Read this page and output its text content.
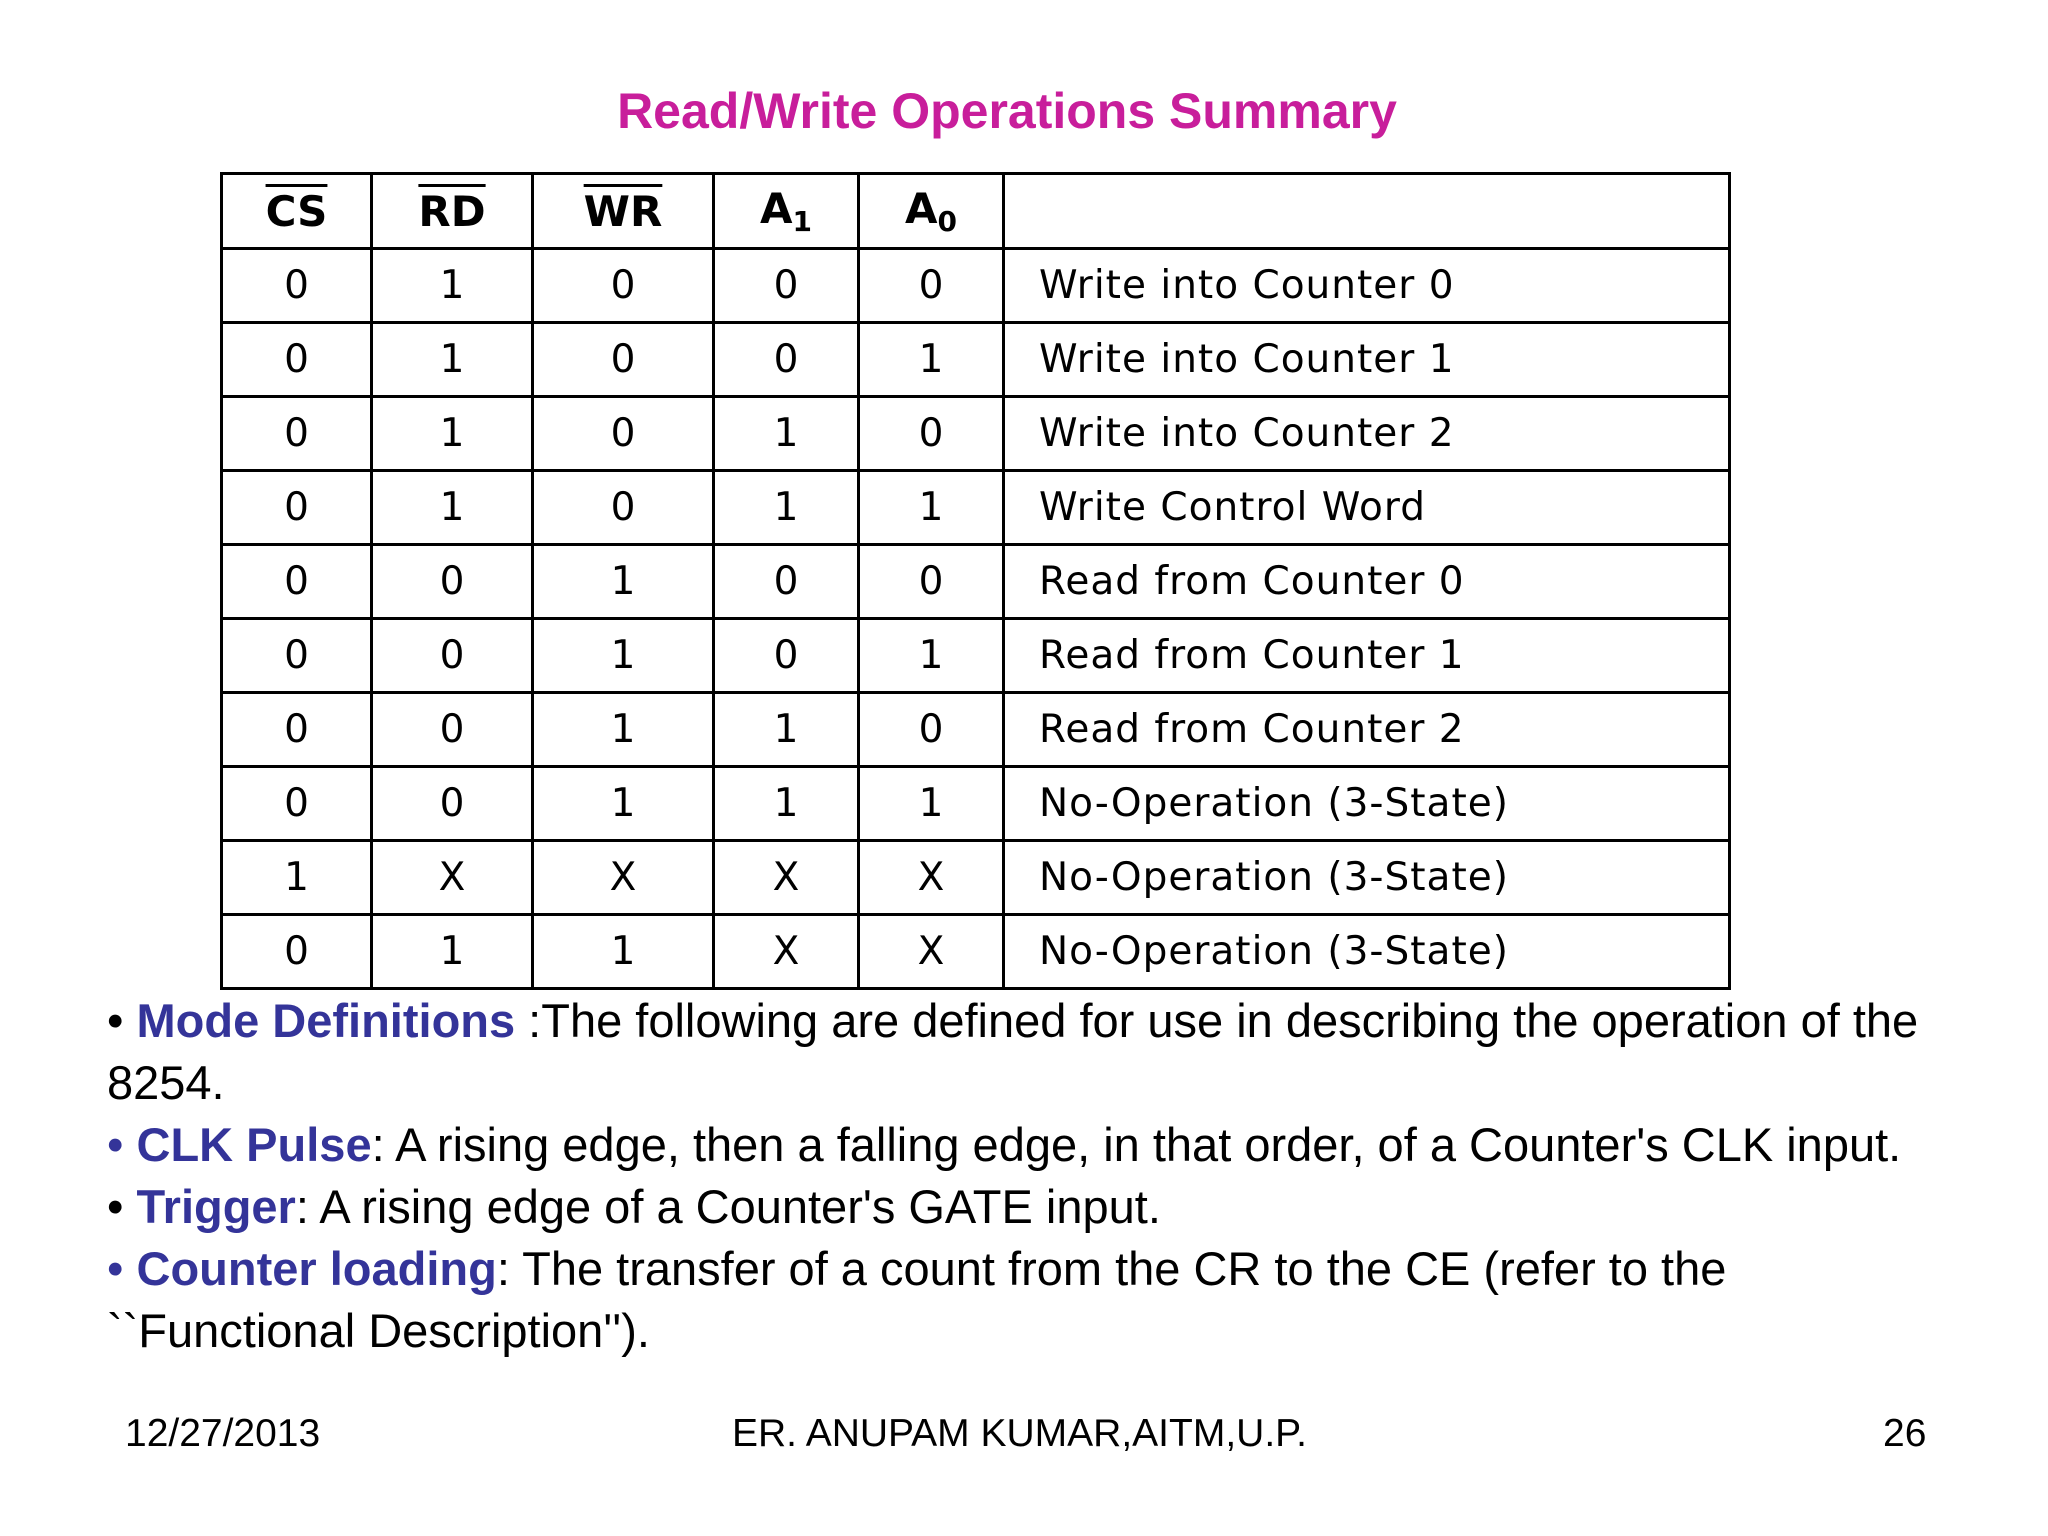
Read/Write Operations Summary
$\overline{CS}$	$\overline{RD}$	$\overline{WR}$	$A_1$	$A_0$	
0	1	0	0	0	Write into Counter 0
0	1	0	0	1	Write into Counter 1
0	1	0	1	0	Write into Counter 2
0	1	0	1	1	Write Control Word
0	0	1	0	0	Read from Counter 0
0	0	1	0	1	Read from Counter 1
0	0	1	1	0	Read from Counter 2
0	0	1	1	1	No-Operation (3-State)
1	X	X	X	X	No-Operation (3-State)
0	1	1	X	X	No-Operation (3-State)

• Mode Definitions :The following are defined for use in describing the operation of the 8254.

• CLK Pulse: A rising edge, then a falling edge, in that order, of a Counter's CLK input.

• Trigger: A rising edge of a Counter's GATE input.

• Counter loading: The transfer of a count from the CR to the CE (refer to the ``Functional Description'').

12/27/2013	ER. ANUPAM KUMAR,AITM,U.P.	26
